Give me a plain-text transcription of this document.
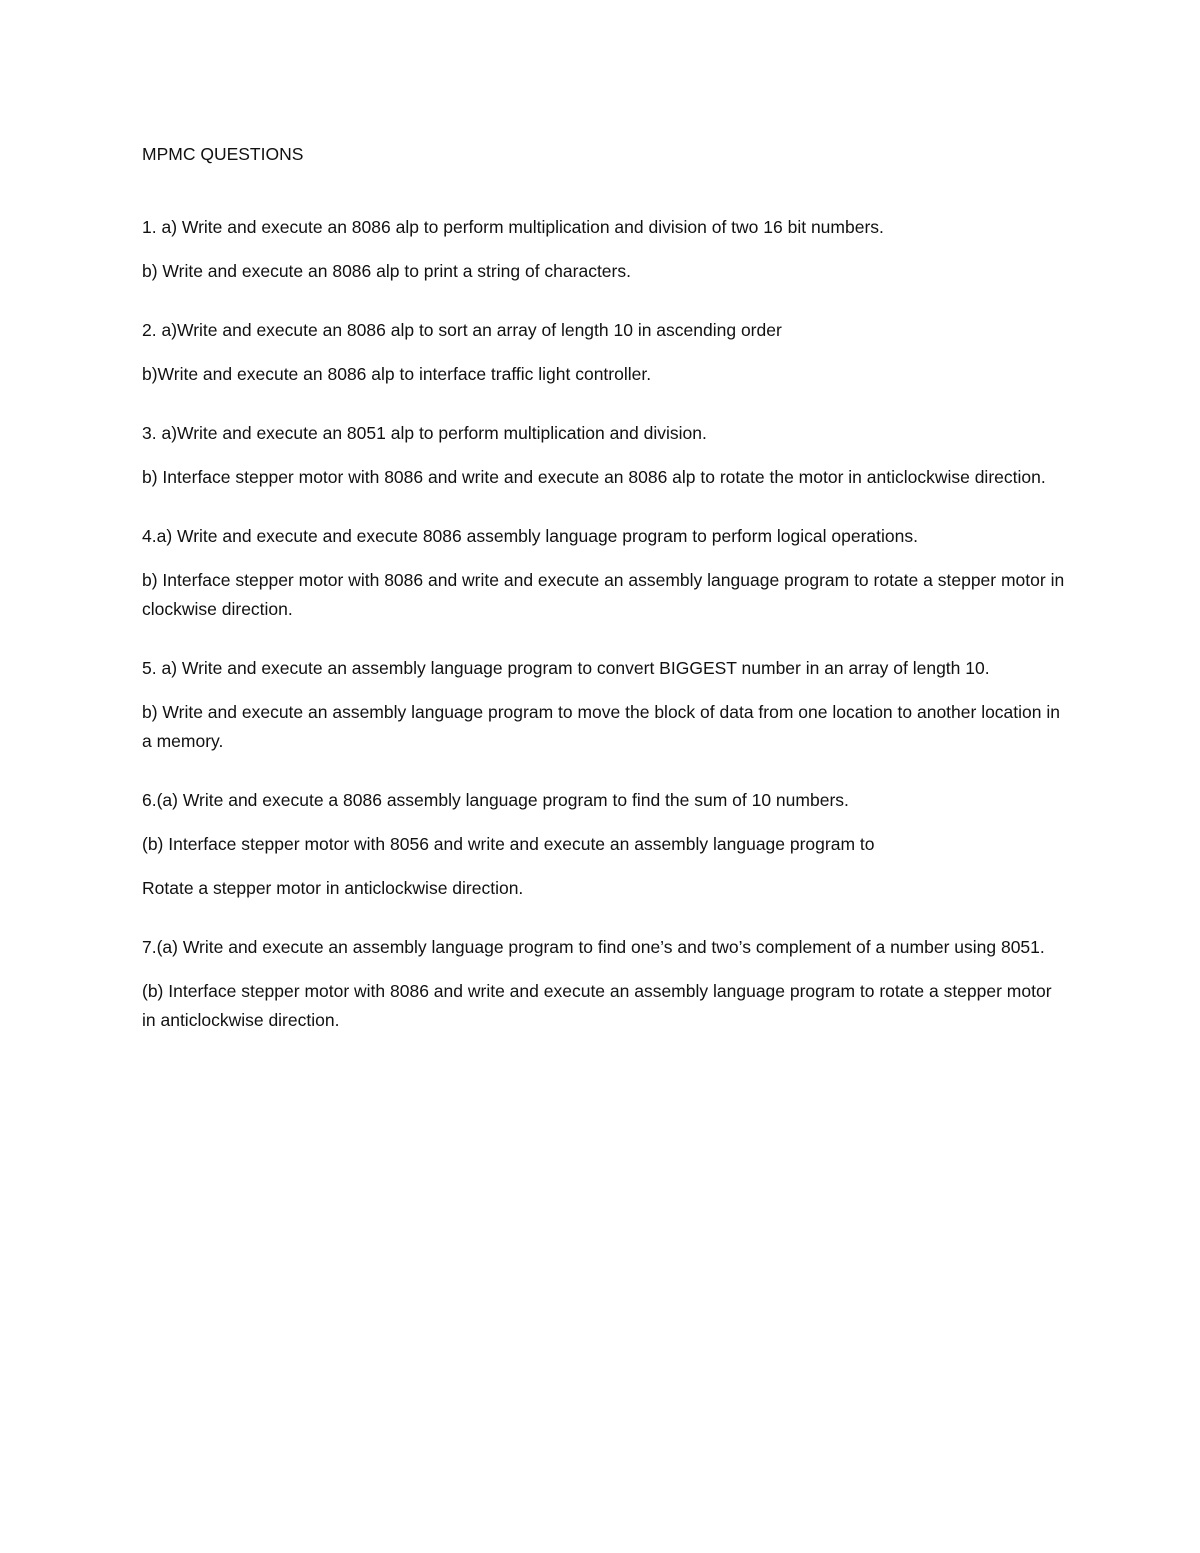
MPMC QUESTIONS

1. a) Write and execute an 8086 alp to perform multiplication and division of two 16 bit numbers.

b) Write and execute an 8086 alp to print a string of characters.

2. a)Write and execute an 8086 alp to sort an array of length 10 in ascending order

b)Write and execute an 8086 alp to interface traffic light controller.

3. a)Write and execute an 8051 alp to perform multiplication and division.

b) Interface stepper motor with 8086 and write and execute an 8086 alp to rotate the motor in anticlockwise direction.

4.a) Write and execute and execute 8086 assembly language program to perform logical operations.

b) Interface stepper motor with 8086 and write and execute an assembly language program to rotate a stepper motor in clockwise direction.

5. a) Write and execute an assembly language program to convert BIGGEST number in an array of length 10.

b) Write and execute an assembly language program to move the block of data from one location to another location in a memory.

6.(a) Write and execute a 8086 assembly language program to find the sum of 10 numbers.

(b) Interface stepper motor with 8056 and write and execute an assembly language program to

Rotate a stepper motor in anticlockwise direction.

7.(a) Write and execute an assembly language program to find one’s and two’s complement of a number using 8051.

(b) Interface stepper motor with 8086 and write and execute an assembly language program to rotate a stepper motor in anticlockwise direction.
